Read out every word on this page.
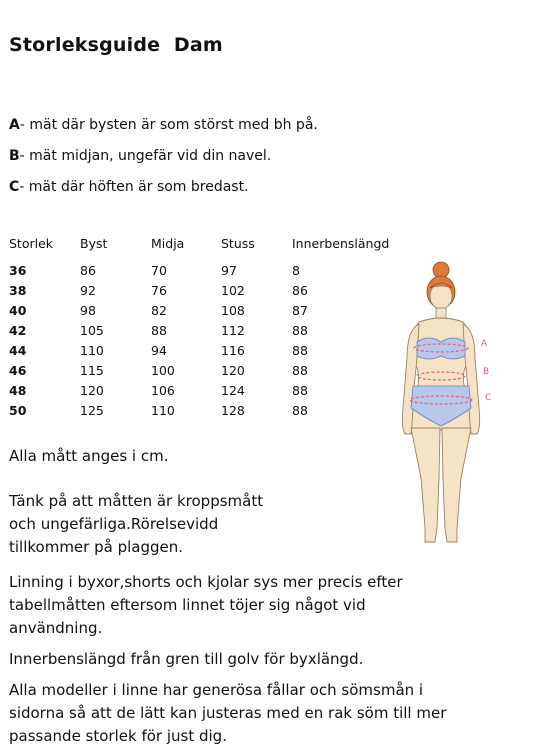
Storleksguide  Dam
A- mät där bysten är som störst med bh på.
B- mät midjan, ungefär vid din navel.
C- mät där höften är som bredast.
Storlek Byst	Midja	Stuss	Innerbenslängd
36	86	70	97	8
38	92	76	102	86
40	98	82	108	87
42	105	88	112	88
44	110	94	116	88
46	115	100	120	88
48	120	106	124	88
50	125	110	128	88
Alla mått anges i cm.
Tänk på att måtten är kroppsmått
och ungefärliga.Rörelsevidd
tillkommer på plaggen.
Linning i byxor,shorts och kjolar sys mer precis efter
tabellmåtten eftersom linnet töjer sig något vid
användning.
Innerbenslängd från gren till golv för byxlängd.
Alla modeller i linne har generösa fållar och sömsmån i
sidorna så att de lätt kan justeras med en rak söm till mer
passande storlek för just dig.
A
B
C
